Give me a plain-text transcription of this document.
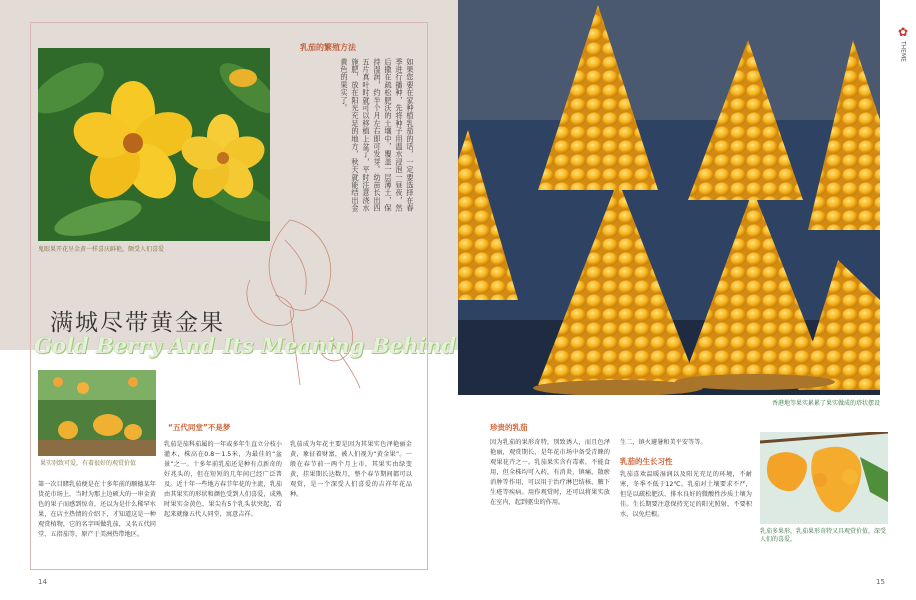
鬼眼果开花呈金黄一样喜庆鲜艳，颇受人们喜爱
乳茄的繁殖方法
如果您要在家种植乳茄的话，一定要选择在春季进行播种，先将种子用温水浸泡一昼夜，然后撒在疏松肥沃的土壤中，覆盖一层薄土，保持湿润，约半个月左右即可发芽。幼苗长出四五片真叶时就可以移植上盆了，平时注意浇水施肥，放在阳光充足的地方，秋天就能结出金黄色的果实了。
满城尽带黄金果
Gold Berry And Its Meaning Behind
果实别致可爱，有着很好的观赏价值
“五代同堂”不是梦
第一次目睹乳茄便是在十多年前的顺德某年货花市场上，当时为那上边硕大的一串金黄色的果子而感到惊奇，还以为是什么稀罕水果，在店主热情的介绍下，才知道这是一种观赏植物，它的名字叫做乳茄，又名五代同堂、五指茄等，原产于美洲热带地区。
乳茄是茄科茄属的一年或多年生直立分枝小灌木，株高在0.8～1.5米，为最佳的“盆景”之一。十多年前乳茄还是种有点新奇的好兆头的，但在短短的几年间已经广泛普及。近十年一些地方春节年花的主流，乳茄由其果实的形状和颜色受到人们喜爱，成熟时果实金黄色，果尖有5个乳头状突起，看起来就像五代人同堂，寓意吉祥。
乳茄成为年花主要是因为其果实色泽艳丽金黄，象征着财富，被人们视为“黄金果”。一般在春节前一两个月上市，其果实由绿变黄，挂果期长达数月，整个春节期间都可以观赏，是一个深受人们喜爱的吉祥年花品种。
14
香港地等果实累累了果实做成的塔状摆设
✿
THEME
珍贵的乳茄
因为乳茄的果形奇特，别致诱人，而且色泽艳丽，观赏期长，是年花市场中备受青睐的观果花卉之一。乳茄果实含有毒素，不能食用，但全株均可入药，有消炎、镇痛、散瘀消肿等作用，可以用于治疗淋巴结核、腋下生疮等疾病。用作观赏时，还可以将果实放在室内，起到驱虫的作用。
生二，镇火避暑和美平安等等。
乳茄的生长习性
乳茄喜欢温暖湿润以及阳光充足的环境，不耐寒，冬季不低于12℃。乳茄对土壤要求不严，但是以疏松肥沃、排水良好的微酸性沙质土壤为佳。生长期要注意保持充足的阳光照射，不要积水，以免烂根。
乳茄多果形，乳茄果形奇特又具观赏价值，深受人们的喜爱。
15
